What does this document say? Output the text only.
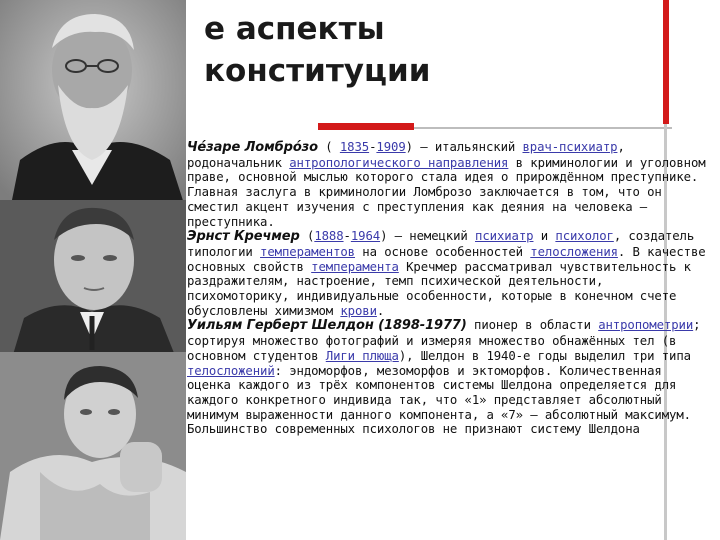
е аспекты
конституции
Че́заре Ломбро́зо ( 1835-1909) — итальянский врач-психиатр, родоначальник антропологического направления в криминологии и уголовном праве, основной мыслью которого стала идея о прирождённом преступнике. Главная заслуга в криминологии Ломброзо заключается в том, что он сместил акцент изучения с преступления как деяния на человека — преступника.
Эрнст Кречмер (1888-1964) — немецкий психиатр и психолог, создатель типологии темпераментов на основе особенностей телосложения. В качестве основных свойств темперамента Кречмер рассматривал чувствительность к раздражителям, настроение, темп психической деятельности, психомоторику, индивидуальные особенности, которые в конечном счете обусловлены химизмом крови.
Уильям Герберт Шелдон (1898-1977) пионер в области антропометрии; сортируя множество фотографий и измеряя множество обнажённых тел (в основном студентов Лиги плюща), Шелдон в 1940-е годы выделил три типа телосложений: эндоморфов, мезоморфов и эктоморфов. Количественная оценка каждого из трёх компонентов системы Шелдона определяется для каждого конкретного индивида так, что «1» представляет абсолютный минимум выраженности данного компонента, а «7» — абсолютный максимум. Большинство современных психологов не признают систему Шелдона
